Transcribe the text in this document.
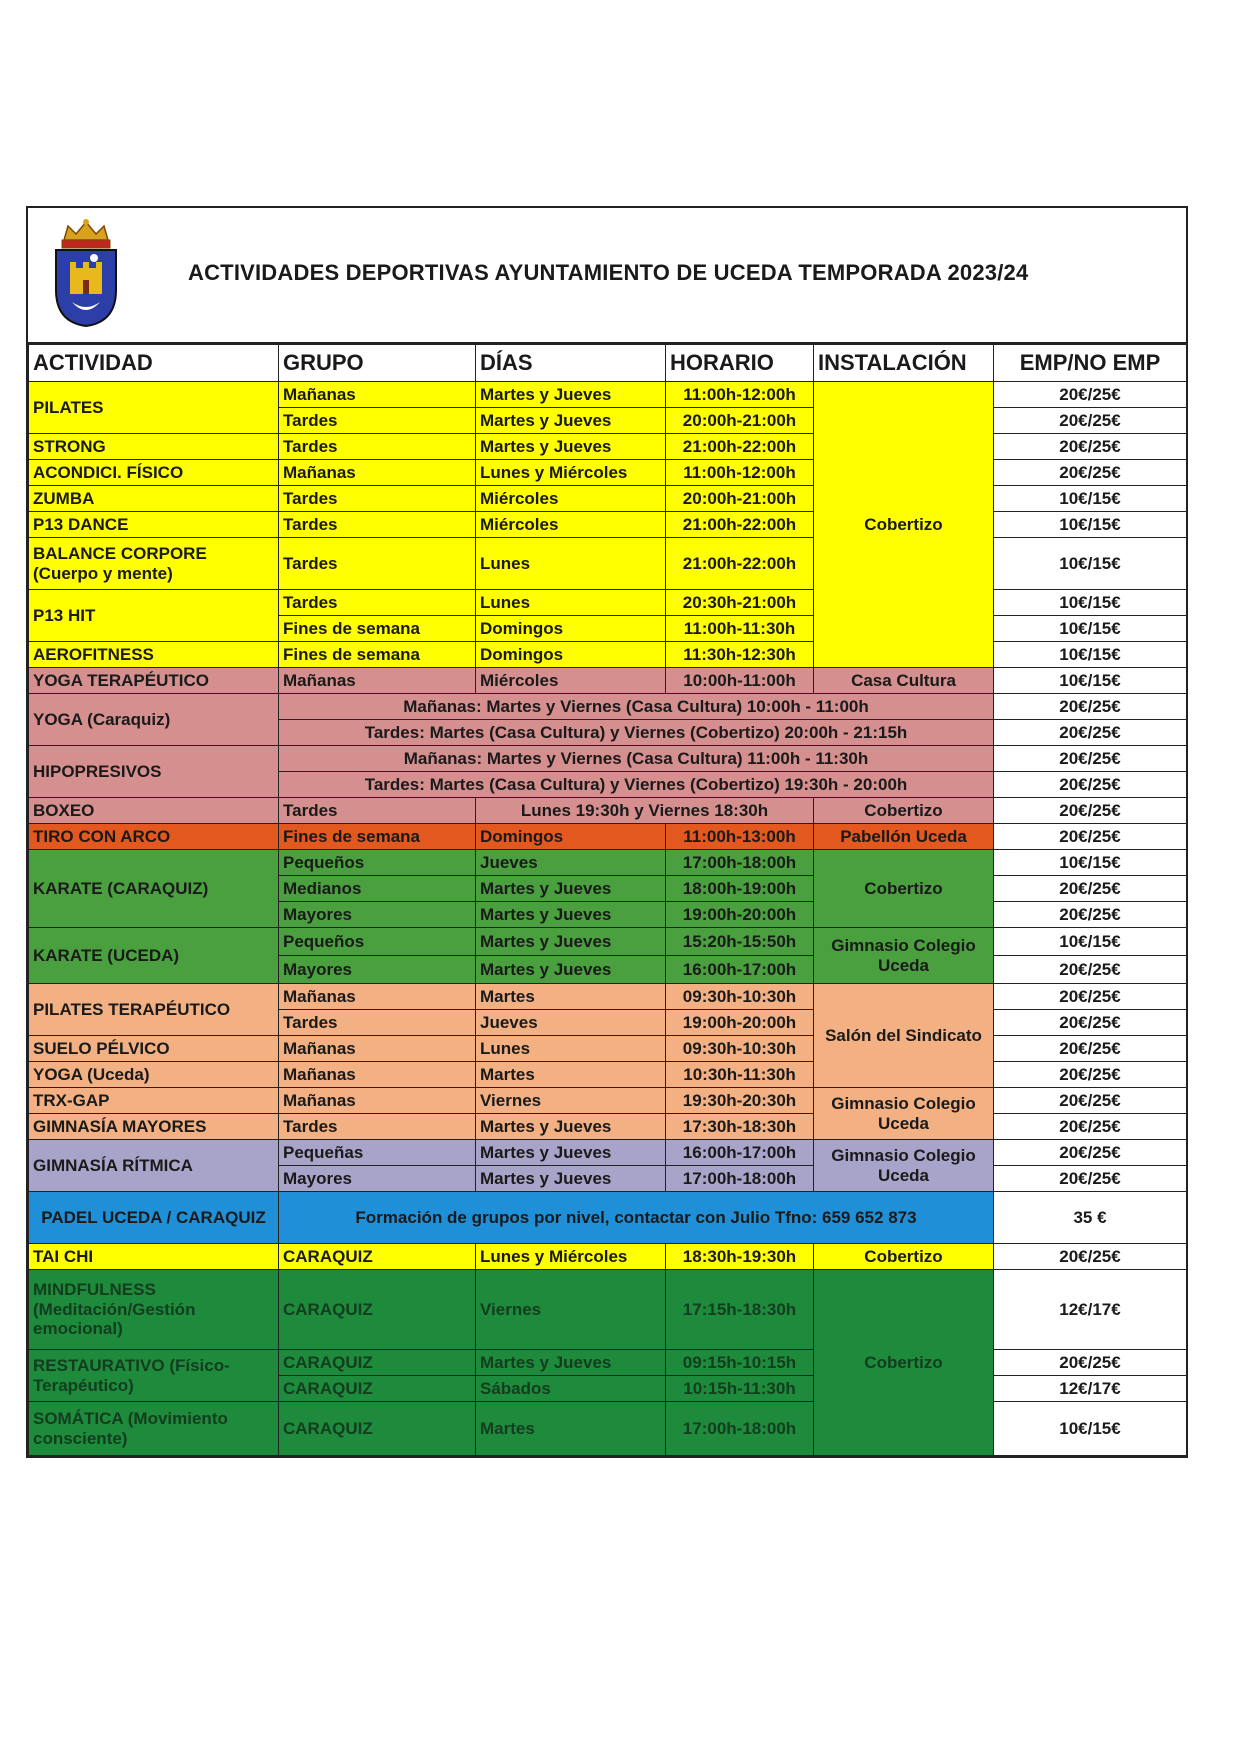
ACTIVIDADES DEPORTIVAS AYUNTAMIENTO DE UCEDA TEMPORADA 2023/24
ACTIVIDAD	GRUPO	DÍAS	HORARIO	INSTALACIÓN	EMP/NO EMP
PILATES	Mañanas	Martes y Jueves	11:00h-12:00h	Cobertizo	20€/25€
	Tardes	Martes y Jueves	20:00h-21:00h		20€/25€
STRONG	Tardes	Martes y Jueves	21:00h-22:00h		20€/25€
ACONDICI. FÍSICO	Mañanas	Lunes y Miércoles	11:00h-12:00h		20€/25€
ZUMBA	Tardes	Miércoles	20:00h-21:00h		10€/15€
P13 DANCE	Tardes	Miércoles	21:00h-22:00h		10€/15€
BALANCE CORPORE (Cuerpo y mente)	Tardes	Lunes	21:00h-22:00h		10€/15€
P13 HIT	Tardes	Lunes	20:30h-21:00h		10€/15€
	Fines de semana	Domingos	11:00h-11:30h		10€/15€
AEROFITNESS	Fines de semana	Domingos	11:30h-12:30h		10€/15€
YOGA TERAPÉUTICO	Mañanas	Miércoles	10:00h-11:00h	Casa Cultura	10€/15€
YOGA (Caraquiz)	Mañanas: Martes y Viernes (Casa Cultura) 10:00h - 11:00h				20€/25€
	Tardes: Martes (Casa Cultura) y Viernes (Cobertizo) 20:00h - 21:15h				20€/25€
HIPOPRESIVOS	Mañanas: Martes y Viernes (Casa Cultura) 11:00h - 11:30h				20€/25€
	Tardes: Martes (Casa Cultura) y Viernes (Cobertizo) 19:30h - 20:00h				20€/25€
BOXEO	Tardes	Lunes 19:30h y Viernes 18:30h		Cobertizo	20€/25€
TIRO CON ARCO	Fines de semana	Domingos	11:00h-13:00h	Pabellón Uceda	20€/25€
KARATE (CARAQUIZ)	Pequeños	Jueves	17:00h-18:00h	Cobertizo	10€/15€
	Medianos	Martes y Jueves	18:00h-19:00h		20€/25€
	Mayores	Martes y Jueves	19:00h-20:00h		20€/25€
KARATE (UCEDA)	Pequeños	Martes y Jueves	15:20h-15:50h	Gimnasio Colegio Uceda	10€/15€
	Mayores	Martes y Jueves	16:00h-17:00h		20€/25€
PILATES TERAPÉUTICO	Mañanas	Martes	09:30h-10:30h	Salón del Sindicato	20€/25€
	Tardes	Jueves	19:00h-20:00h		20€/25€
SUELO PÉLVICO	Mañanas	Lunes	09:30h-10:30h		20€/25€
YOGA (Uceda)	Mañanas	Martes	10:30h-11:30h		20€/25€
TRX-GAP	Mañanas	Viernes	19:30h-20:30h	Gimnasio Colegio Uceda	20€/25€
GIMNASÍA MAYORES	Tardes	Martes y Jueves	17:30h-18:30h		20€/25€
GIMNASÍA RÍTMICA	Pequeñas	Martes y Jueves	16:00h-17:00h	Gimnasio Colegio Uceda	20€/25€
	Mayores	Martes y Jueves	17:00h-18:00h		20€/25€
PADEL UCEDA / CARAQUIZ	Formación de grupos por nivel, contactar con Julio Tfno: 659 652 873				35 €
TAI CHI	CARAQUIZ	Lunes y Miércoles	18:30h-19:30h	Cobertizo	20€/25€
MINDFULNESS (Meditación/Gestión emocional)	CARAQUIZ	Viernes	17:15h-18:30h	Cobertizo	12€/17€
RESTAURATIVO (Físico-Terapéutico)	CARAQUIZ	Martes y Jueves	09:15h-10:15h		20€/25€
	CARAQUIZ	Sábados	10:15h-11:30h		12€/17€
SOMÁTICA (Movimiento consciente)	CARAQUIZ	Martes	17:00h-18:00h		10€/15€
